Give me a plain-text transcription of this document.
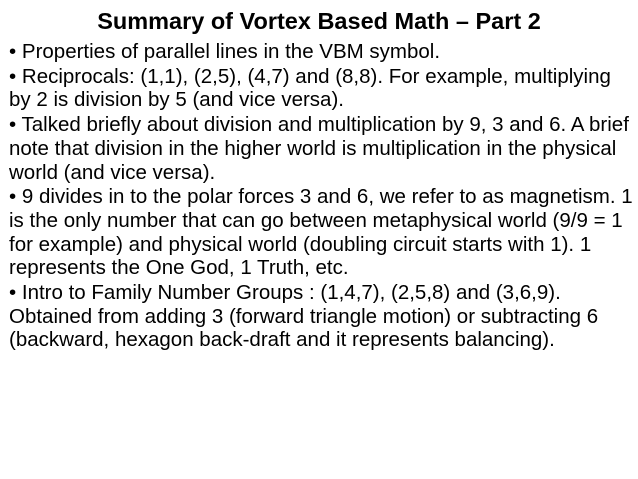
Summary of Vortex Based Math – Part 2
• Properties of parallel lines in the VBM symbol.
• Reciprocals: (1,1), (2,5), (4,7) and (8,8). For example, multiplying by 2 is division by 5 (and vice versa).
• Talked briefly about division and multiplication by 9, 3 and 6. A brief note that division in the higher world is multiplication in the physical world (and vice versa).
• 9 divides in to the polar forces 3 and 6, we refer to as magnetism. 1 is the only number that can go between metaphysical world (9/9 = 1 for example) and physical world (doubling circuit starts with 1). 1 represents the One God, 1 Truth, etc.
• Intro to Family Number Groups : (1,4,7), (2,5,8) and (3,6,9). Obtained from adding 3 (forward triangle motion) or subtracting 6 (backward, hexagon back-draft and it represents balancing).
